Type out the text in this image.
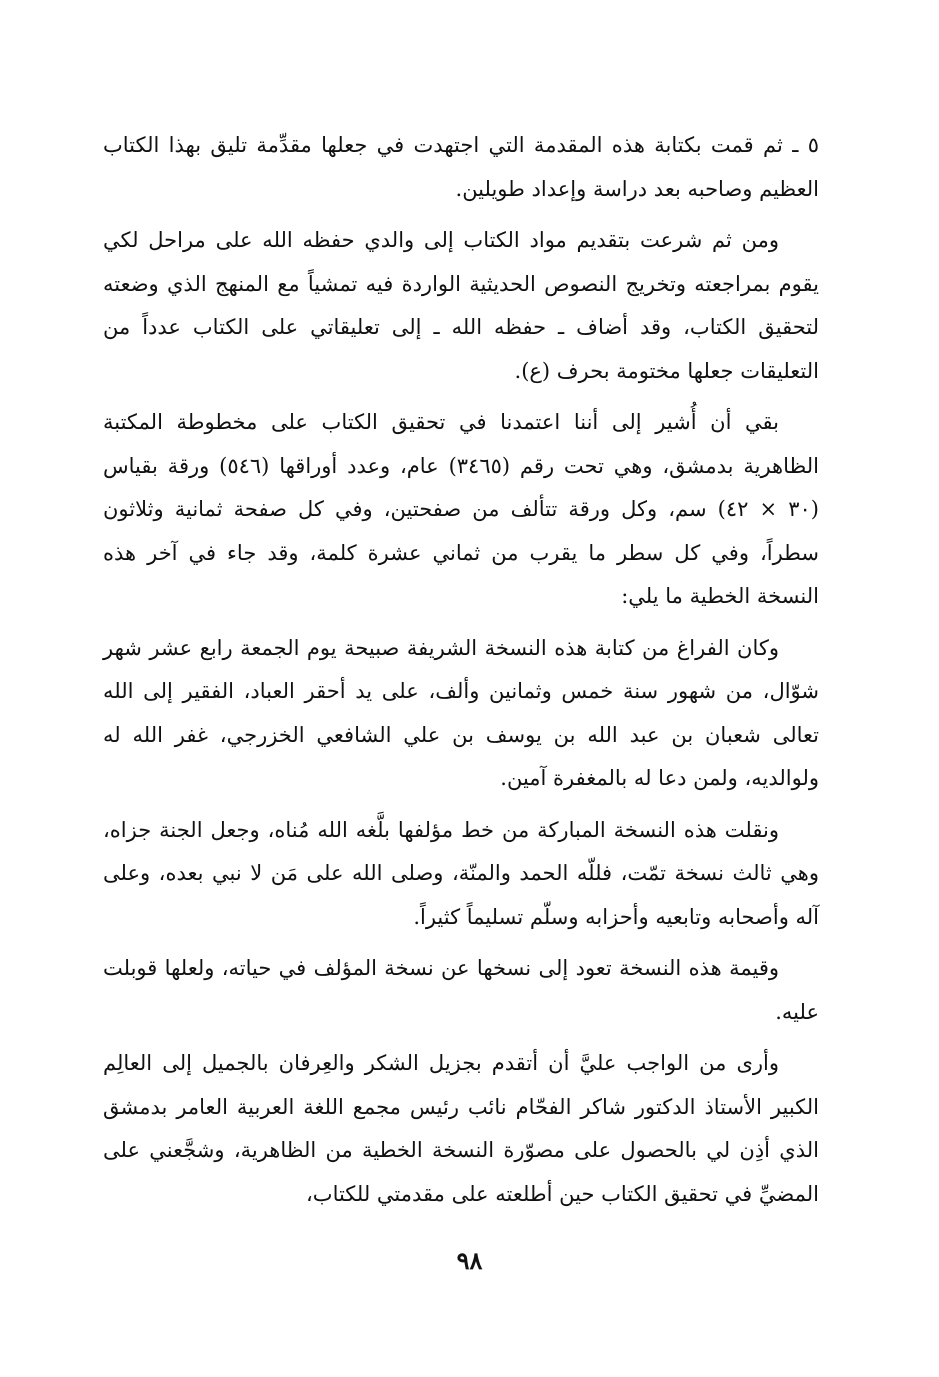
٥ ـ ثم قمت بكتابة هذه المقدمة التي اجتهدت في جعلها مقدِّمة تليق بهذا الكتاب العظيم وصاحبه بعد دراسة وإعداد طويلين.

ومن ثم شرعت بتقديم مواد الكتاب إلى والدي حفظه الله على مراحل لكي يقوم بمراجعته وتخريج النصوص الحديثية الواردة فيه تمشياً مع المنهج الذي وضعته لتحقيق الكتاب، وقد أضاف ـ حفظه الله ـ إلى تعليقاتي على الكتاب عدداً من التعليقات جعلها مختومة بحرف (ع).

بقي أن أُشير إلى أننا اعتمدنا في تحقيق الكتاب على مخطوطة المكتبة الظاهرية بدمشق، وهي تحت رقم (٣٤٦٥) عام، وعدد أوراقها (٥٤٦) ورقة بقياس (٣٠ × ٤٢) سم، وكل ورقة تتألف من صفحتين، وفي كل صفحة ثمانية وثلاثون سطراً، وفي كل سطر ما يقرب من ثماني عشرة كلمة، وقد جاء في آخر هذه النسخة الخطية ما يلي:

وكان الفراغ من كتابة هذه النسخة الشريفة صبيحة يوم الجمعة رابع عشر شهر شوّال، من شهور سنة خمس وثمانين وألف، على يد أحقر العباد، الفقير إلى الله تعالى شعبان بن عبد الله بن يوسف بن علي الشافعي الخزرجي، غفر الله له ولوالديه، ولمن دعا له بالمغفرة آمين.

ونقلت هذه النسخة المباركة من خط مؤلفها بلَّغه الله مُناه، وجعل الجنة جزاه، وهي ثالث نسخة تمّت، فللّه الحمد والمنّة، وصلى الله على مَن لا نبي بعده، وعلى آله وأصحابه وتابعيه وأحزابه وسلّم تسليماً كثيراً.

وقيمة هذه النسخة تعود إلى نسخها عن نسخة المؤلف في حياته، ولعلها قوبلت عليه.

وأرى من الواجب عليَّ أن أتقدم بجزيل الشكر والعِرفان بالجميل إلى العالِم الكبير الأستاذ الدكتور شاكر الفحّام نائب رئيس مجمع اللغة العربية العامر بدمشق الذي أذِن لي بالحصول على مصوّرة النسخة الخطية من الظاهرية، وشجَّعني على المضيِّ في تحقيق الكتاب حين أطلعته على مقدمتي للكتاب،

٩٨
